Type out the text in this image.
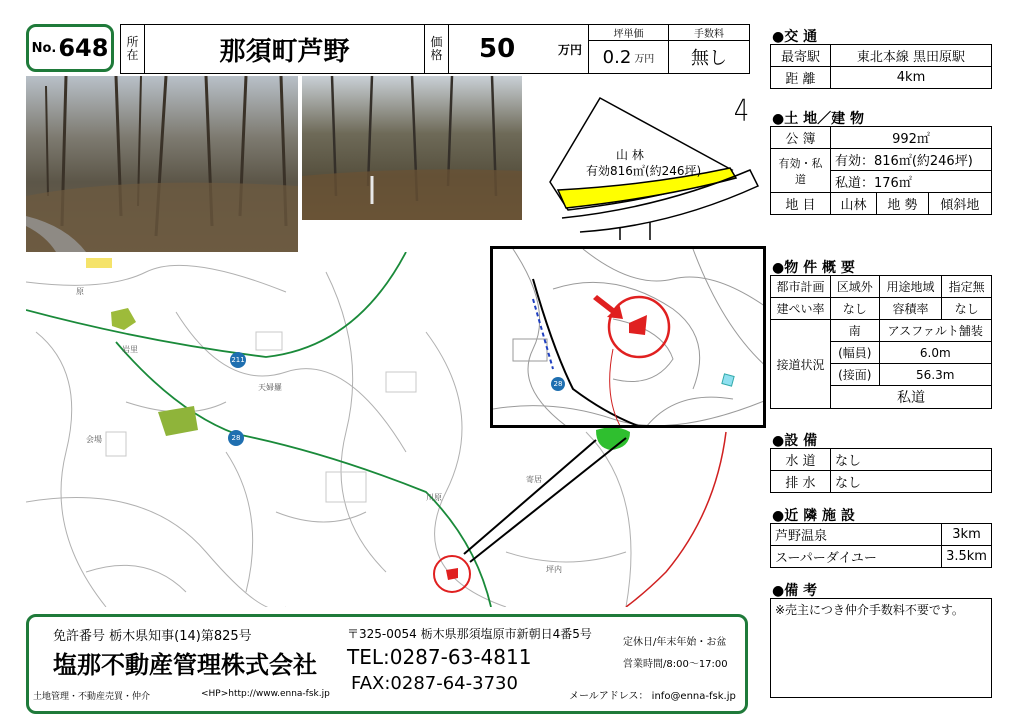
No. 648	所在	那須町芦野	価格 50	万円
坪単価
0.2 万円
手数料
無し
山 林
有効816㎡(約246坪)
4
原
岩里
天婦羅
会場
川原
寄居
坪内
211
28
28
●交 通
最寄駅	東北本線 黒田原駅
距 離	4km
●土 地／建 物
公 簿	992㎡		
有効・私道	有効：816㎡(約246坪)		
	私道：176㎡		
地 目	山林	地 勢	傾斜地
●物 件 概 要
都市計画	区域外	用途地域	指定無
建ぺい率	なし	容積率	なし
接道状況	南	アスファルト舗装	
	(幅員)	6.0m	
	(接面)	56.3m	
	私道		
●設 備
水 道	なし
排 水	なし
●近 隣 施 設
芦野温泉	3km
スーパーダイユー	3.5km
●備 考
※売主につき仲介手数料不要です。
免許番号 栃木県知事(14)第825号
塩那不動産管理株式会社
土地管理・不動産売買・仲介	<HP>http://www.enna-fsk.jp
〒325-0054 栃木県那須塩原市新朝日4番5号
TEL:0287-63-4811
FAX:0287-64-3730
定休日/年末年始・お盆
営業時間/8:00～17:00
メールアドレス： info@enna-fsk.jp
